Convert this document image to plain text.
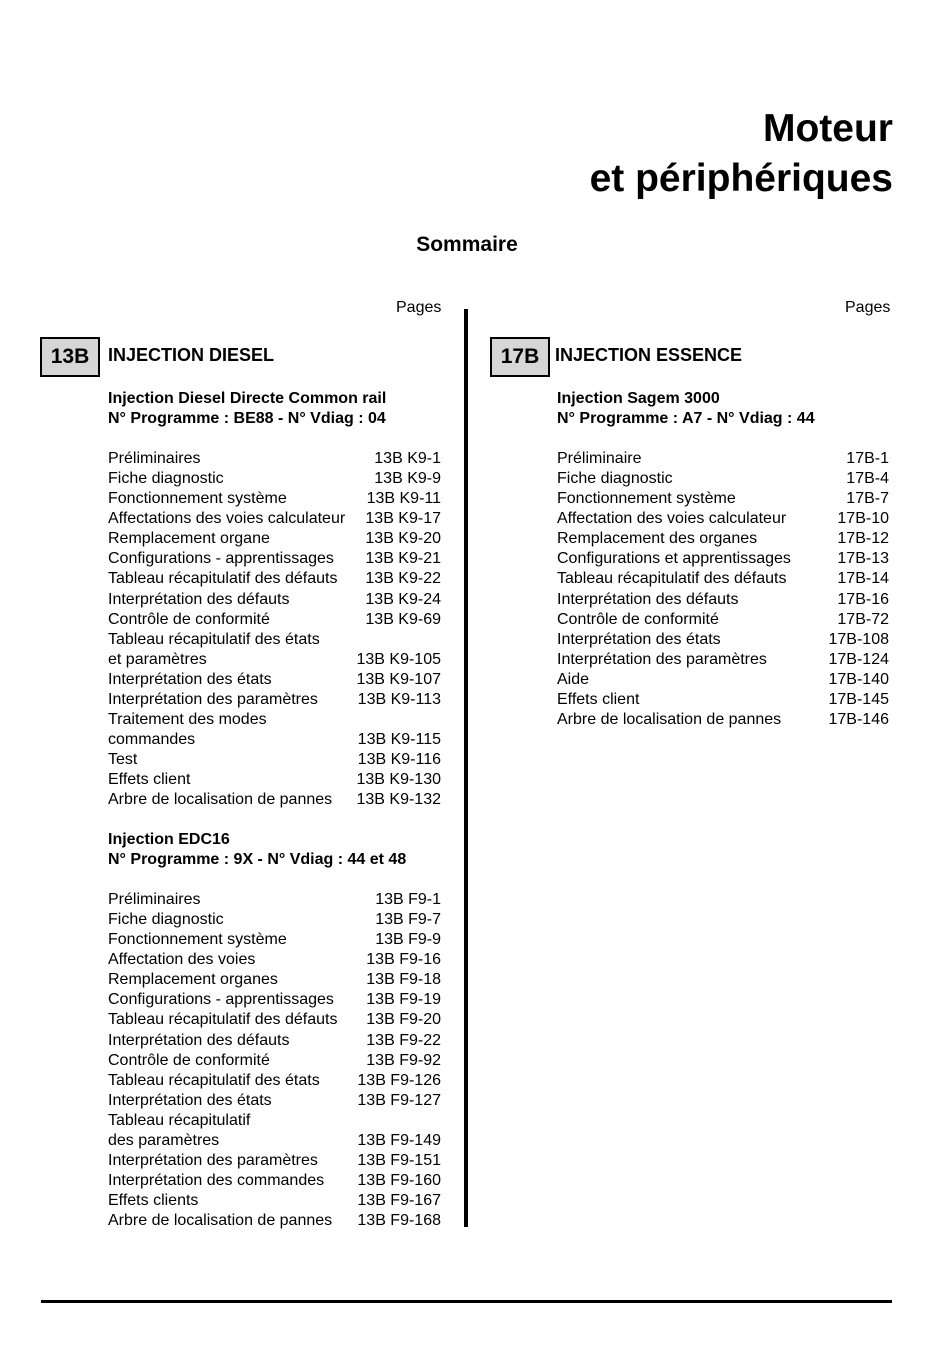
Moteur
et périphériques
Sommaire
Pages	Pages
13B	INJECTION DIESEL	17B INJECTION ESSENCE
Injection Diesel Directe Common rail
N° Programme : BE88 - N° Vdiag : 04
Préliminaires	13B K9-1
Fiche diagnostic	13B K9-9
Fonctionnement système	13B K9-11
Affectations des voies calculateur	13B K9-17
Remplacement organe	13B K9-20
Configurations - apprentissages	13B K9-21
Tableau récapitulatif des défauts	13B K9-22
Interprétation des défauts	13B K9-24
Contrôle de conformité	13B K9-69
Tableau récapitulatif des états
et paramètres	13B K9-105
Interprétation des états	13B K9-107
Interprétation des paramètres	13B K9-113
Traitement des modes
commandes	13B K9-115
Test	13B K9-116
Effets client	13B K9-130
Arbre de localisation de pannes	13B K9-132
Injection EDC16
N° Programme : 9X - N° Vdiag : 44 et 48
Préliminaires	13B F9-1
Fiche diagnostic	13B F9-7
Fonctionnement système	13B F9-9
Affectation des voies	13B F9-16
Remplacement organes	13B F9-18
Configurations - apprentissages	13B F9-19
Tableau récapitulatif des défauts	13B F9-20
Interprétation des défauts	13B F9-22
Contrôle de conformité	13B F9-92
Tableau récapitulatif des états	13B F9-126
Interprétation des états	13B F9-127
Tableau récapitulatif
des paramètres	13B F9-149
Interprétation des paramètres	13B F9-151
Interprétation des commandes	13B F9-160
Effets clients	13B F9-167
Arbre de localisation de pannes	13B F9-168
Injection Sagem 3000
N° Programme : A7 - N° Vdiag : 44
Préliminaire	17B-1
Fiche diagnostic	17B-4
Fonctionnement système	17B-7
Affectation des voies calculateur	17B-10
Remplacement des organes	17B-12
Configurations et apprentissages	17B-13
Tableau récapitulatif des défauts	17B-14
Interprétation des défauts	17B-16
Contrôle de conformité	17B-72
Interprétation des états	17B-108
Interprétation des paramètres	17B-124
Aide	17B-140
Effets client	17B-145
Arbre de localisation de pannes	17B-146
